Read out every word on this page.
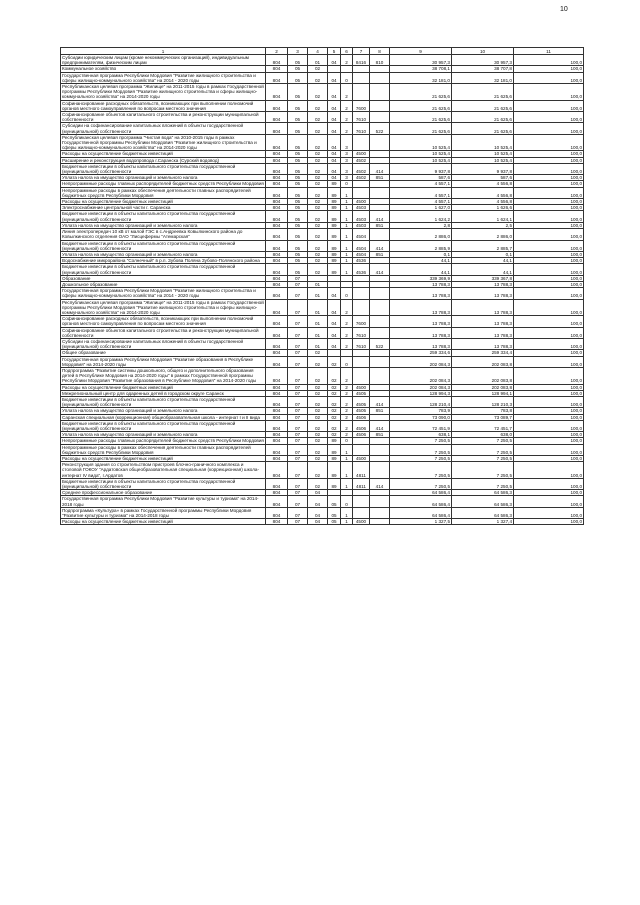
10
1	2	3	4	5	6	7	8	9	10	11
Субсидии юридическим лицам (кроме некоммерческих организаций), индивидуальным предпринимателям, физическим лицам	804	05	01	04	2	8416	810	30 957,3	30 957,3	100,0
Коммунальное хозяйство	804	05	02					38 708,1	38 707,8	100,0
Государственная программа Республики Мордовия "Развитие жилищного строительства и сферы жилищно-коммунального хозяйства" на 2014 - 2020 годы	804	05	02	04	0			32 181,0	32 181,0	100,0
Республиканская целевая программа "Жилище" на 2011-2015 годы в рамках Государственной программы Республики Мордовия "Развитие жилищного строительства и сферы жилищно-коммунального хозяйства" на 2014-2020 годы	804	05	02	04	2			21 625,6	21 625,6	100,0
Софинансирование расходных обязательств, возникающих при выполнении полномочий органов местного самоуправления по вопросам местного значения	804	05	02	04	2	7600		21 625,6	21 625,6	100,0
Софинансирование объектов капитального строительства и реконструкции муниципальной собственности	804	05	02	04	2	7610		21 625,6	21 625,6	100,0
Субсидии на софинансирование капитальных вложений в объекты государственной (муниципальной) собственности	804	05	02	04	2	7610	522	21 625,6	21 625,6	100,0
Республиканская целевая программа "Чистая вода" на 2010-2015 годы в рамках Государственной программы Республики Мордовия "Развитие жилищного строительства и сферы жилищно-коммунального хозяйства" на 2014-2020 годы	804	05	02	04	3			10 525,4	10 525,4	100,0
Расходы на осуществление бюджетных инвестиций	804	05	02	04	3	4500		10 525,4	10 525,4	100,0
Расширение и реконструкция водопровода г.Саранска (Сурский водовод)	804	05	02	04	3	4502		10 525,4	10 525,4	100,0
Бюджетные инвестиции в объекты капитального строительства государственной (муниципальной) собственности	804	05	02	04	3	4502	414	9 937,8	9 937,8	100,0
Уплата налога на имущество организаций и земельного налога	804	05	02	04	3	4502	851	587,6	587,6	100,0
Непрограммные расходы главных распорядителей бюджетных средств Республики Мордовия	804	05	02	89	0			4 557,1	4 556,8	100,0
Непрограммные расходы в рамках обеспечения деятельности главных распорядителей бюджетных средств Республики Мордовия	804	05	02	89	1			4 557,1	4 556,8	100,0
Расходы на осуществление бюджетных инвестиций	804	05	02	89	1	4500		4 557,1	4 556,8	100,0
Электроснабжение центральной части г. Саранска	804	05	02	89	1	4503		1 627,0	1 626,6	100,0
Бюджетные инвестиции в объекты капитального строительства государственной (муниципальной) собственности	804	05	02	89	1	4503	414	1 624,2	1 624,1	100,0
Уплата налога на имущество организаций и земельного налога	804	05	02	89	1	4503	851	2,8	2,5	100,0
Линия электропередач 10 кВ от малой ГЭС в с.Андреевка Ковылкинского района до Ковылкинского отделения ОАО "Лисцефермы "Атемарская"	804	05	02	89	1	4504		2 886,0	2 886,0	100,0
Бюджетные инвестиции в объекты капитального строительства государственной (муниципальной) собственности	804	05	02	89	1	4504	414	2 885,9	2 885,7	100,0
Уплата налога на имущество организаций и земельного налога	804	05	02	89	1	4504	851	0,1	0,1	100,0
Водоснабжение микрорайона "Солнечный" в р.п. Зубова Поляна Зубово-Полянского района	804	05	02	89	1	4536		44,1	44,1	100,0
Бюджетные инвестиции в объекты капитального строительства государственной (муниципальной) собственности	804	05	02	89	1	4536	414	44,1	44,1	100,0
Образование	804	07						339 369,9	339 367,8	100,0
Дошкольное образование	804	07	01					13 788,3	13 788,3	100,0
Государственная программа Республики Мордовия "Развитие жилищного строительства и сферы жилищно-коммунального хозяйства" на 2014 - 2020 годы	804	07	01	04	0			13 788,3	13 788,3	100,0
Республиканская целевая программа "Жилище" на 2011-2015 годы в рамках Государственной программы Республики Мордовия "Развитие жилищного строительства и сферы жилищно-коммунального хозяйства" на 2014-2020 годы	804	07	01	04	2			13 788,3	13 788,3	100,0
Софинансирование расходных обязательств, возникающих при выполнении полномочий органов местного самоуправления по вопросам местного значения	804	07	01	04	2	7600		13 788,3	13 788,3	100,0
Софинансирование объектов капитального строительства и реконструкции муниципальной собственности	804	07	01	04	2	7610		13 788,3	13 788,3	100,0
Субсидии на софинансирование капитальных вложений в объекты государственной (муниципальной) собственности	804	07	01	04	2	7610	522	13 788,3	13 788,3	100,0
Общее образование	804	07	02					259 334,6	259 334,4	100,0
Государственная программа Республики Мордовия "Развитие образования в Республике Мордовия" на 2014-2020 годы	804	07	02	02	0			202 084,3	202 083,8	100,0
Подпрограмма "Развитие системы дошкольного, общего и дополнительного образования детей в Республике Мордовия на 2014-2020 годы" в рамках Государственной программы Республики Мордовия "Развитие образования в Республике Мордовия" на 2014-2020 годы	804	07	02	02	2			202 084,3	202 083,8	100,0
Расходы на осуществление бюджетных инвестиций	804	07	02	02	2	4500		202 084,3	202 083,8	100,0
Межрегиональный центр для одаренных детей в городском округе Саранск	804	07	02	02	2	4505		128 994,3	128 994,1	100,0
Бюджетные инвестиции в объекты капитального строительства государственной (муниципальной) собственности	804	07	02	02	2	4505	414	128 210,4	128 210,3	100,0
Уплата налога на имущество организаций и земельного налога	804	07	02	02	2	4505	851	783,9	783,8	100,0
Саранская специальная (коррекционная) общеобразовательная школа - интернат I и II вида	804	07	02	02	2	4506		73 090,0	73 089,7	100,0
Бюджетные инвестиции в объекты капитального строительства государственной (муниципальной) собственности	804	07	02	02	2	4506	414	72 451,9	72 451,7	100,0
Уплата налога на имущество организаций и земельного налога	804	07	02	02	2	4506	851	638,1	638,0	100,0
Непрограммные расходы главных распорядителей бюджетных средств Республики Мордовия	804	07	02	89	0			7 250,5	7 250,5	100,0
Непрограммные расходы в рамках обеспечения деятельности главных распорядителей бюджетных средств Республики Мордовия	804	07	02	89	1			7 250,5	7 250,5	100,0
Расходы на осуществление бюджетных инвестиций	804	07	02	89	1	4500		7 250,5	7 250,5	100,0
Реконструкция здания со строительством пристроев блочно-граничного комплекса и столовой ГОКОУ "Ардатовская общеобразовательная специальная (коррекционная) школа-интернат IV вида", г.Ардатов	804	07	02	89	1	4811		7 250,5	7 250,5	100,0
Бюджетные инвестиции в объекты капитального строительства государственной (муниципальной) собственности	804	07	02	89	1	4811	414	7 250,5	7 250,5	100,0
Среднее профессиональное образование	804	07	04					64 586,4	64 586,3	100,0
Государственная программа Республики Мордовия "Развитие культуры и туризма" на 2014-2018 годы	804	07	04	05	0			64 586,4	64 586,3	100,0
Подпрограмма «Культура» в рамках Государственной программы Республики Мордовия "Развитие культуры и туризма" на 2014-2018 годы	804	07	04	05	1			64 586,4	64 586,3	100,0
Расходы на осуществление бюджетных инвестиций	804	07	04	05	1	4500		1 327,5	1 327,4	100,0
